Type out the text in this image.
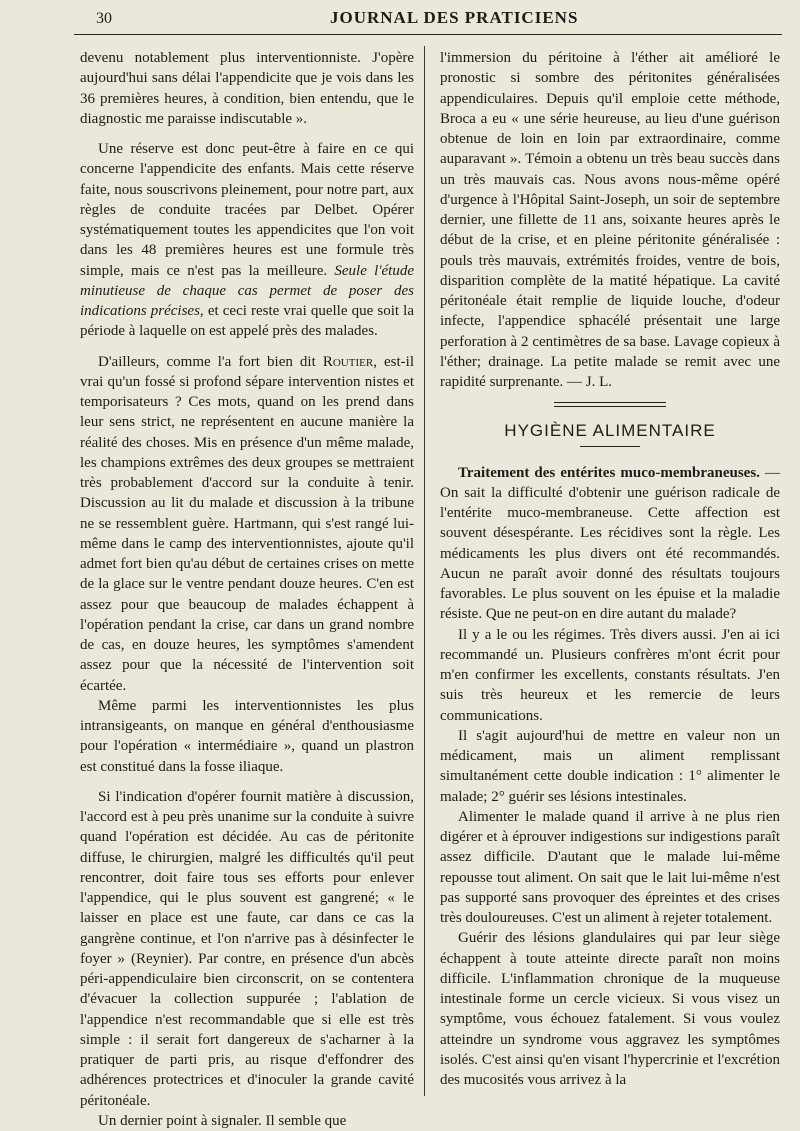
30	JOURNAL DES PRATICIENS

devenu notablement plus interventionniste. J'opère aujourd'hui sans délai l'appendicite que je vois dans les 36 premières heures, à condition, bien entendu, que le diagnostic me paraisse indiscutable ».

Une réserve est donc peut-être à faire en ce qui concerne l'appendicite des enfants. Mais cette réserve faite, nous souscrivons pleinement, pour notre part, aux règles de conduite tracées par Delbet. Opérer systématiquement toutes les appendicites que l'on voit dans les 48 premières heures est une formule très simple, mais ce n'est pas la meilleure. Seule l'étude minutieuse de chaque cas permet de poser des indications précises, et ceci reste vrai quelle que soit la période à laquelle on est appelé près des malades.

D'ailleurs, comme l'a fort bien dit Routier, est-il vrai qu'un fossé si profond sépare intervention nistes et temporisateurs ? Ces mots, quand on les prend dans leur sens strict, ne représentent en aucune manière la réalité des choses. Mis en présence d'un même malade, les champions extrêmes des deux groupes se mettraient très probablement d'accord sur la conduite à tenir. Discussion au lit du malade et discussion à la tribune ne se ressemblent guère. Hartmann, qui s'est rangé lui-même dans le camp des interventionnistes, ajoute qu'il admet fort bien qu'au début de certaines crises on mette de la glace sur le ventre pendant douze heures. C'en est assez pour que beaucoup de malades échappent à l'opération pendant la crise, car dans un grand nombre de cas, en douze heures, les symptômes s'amendent assez pour que la nécessité de l'intervention soit écartée.

Même parmi les interventionnistes les plus intransigeants, on manque en général d'enthousiasme pour l'opération « intermédiaire », quand un plastron est constitué dans la fosse iliaque.

Si l'indication d'opérer fournit matière à discussion, l'accord est à peu près unanime sur la conduite à suivre quand l'opération est décidée. Au cas de péritonite diffuse, le chirurgien, malgré les difficultés qu'il peut rencontrer, doit faire tous ses efforts pour enlever l'appendice, qui le plus souvent est gangrené; « le laisser en place est une faute, car dans ce cas la gangrène continue, et l'on n'arrive pas à désinfecter le foyer » (Reynier). Par contre, en présence d'un abcès péri-appendiculaire bien circonscrit, on se contentera d'évacuer la collection suppurée ; l'ablation de l'appendice n'est recommandable que si elle est très simple : il serait fort dangereux de s'acharner à la pratiquer de parti pris, au risque d'effondrer des adhérences protectrices et d'inoculer la grande cavité péritonéale.

Un dernier point à signaler. Il semble que

l'immersion du péritoine à l'éther ait amélioré le pronostic si sombre des péritonites généralisées appendiculaires. Depuis qu'il emploie cette méthode, Broca a eu « une série heureuse, au lieu d'une guérison obtenue de loin en loin par extraordinaire, comme auparavant ». Témoin a obtenu un très beau succès dans un très mauvais cas. Nous avons nous-même opéré d'urgence à l'Hôpital Saint-Joseph, un soir de septembre dernier, une fillette de 11 ans, soixante heures après le début de la crise, et en pleine péritonite généralisée : pouls très mauvais, extrémités froides, ventre de bois, disparition complète de la matité hépatique. La cavité péritonéale était remplie de liquide louche, d'odeur infecte, l'appendice sphacélé présentait une large perforation à 2 centimètres de sa base. Lavage copieux à l'éther; drainage. La petite malade se remit avec une rapidité surprenante. — J. L.

HYGIÈNE ALIMENTAIRE

Traitement des entérites muco-membraneuses. — On sait la difficulté d'obtenir une guérison radicale de l'entérite muco-membraneuse. Cette affection est souvent désespérante. Les récidives sont la règle. Les médicaments les plus divers ont été recommandés. Aucun ne paraît avoir donné des résultats toujours favorables. Le plus souvent on les épuise et la maladie résiste. Que ne peut-on en dire autant du malade?

Il y a le ou les régimes. Très divers aussi. J'en ai ici recommandé un. Plusieurs confrères m'ont écrit pour m'en confirmer les excellents, constants résultats. J'en suis très heureux et les remercie de leurs communications.

Il s'agit aujourd'hui de mettre en valeur non un médicament, mais un aliment remplissant simultanément cette double indication : 1° alimenter le malade; 2° guérir ses lésions intestinales.

Alimenter le malade quand il arrive à ne plus rien digérer et à éprouver indigestions sur indigestions paraît assez difficile. D'autant que le malade lui-même repousse tout aliment. On sait que le lait lui-même n'est pas supporté sans provoquer des épreintes et des crises très douloureuses. C'est un aliment à rejeter totalement.

Guérir des lésions glandulaires qui par leur siège échappent à toute atteinte directe paraît non moins difficile. L'inflammation chronique de la muqueuse intestinale forme un cercle vicieux. Si vous visez un symptôme, vous échouez fatalement. Si vous voulez atteindre un syndrome vous aggravez les symptômes isolés. C'est ainsi qu'en visant l'hypercrinie et l'excrétion des mucosités vous arrivez à la
